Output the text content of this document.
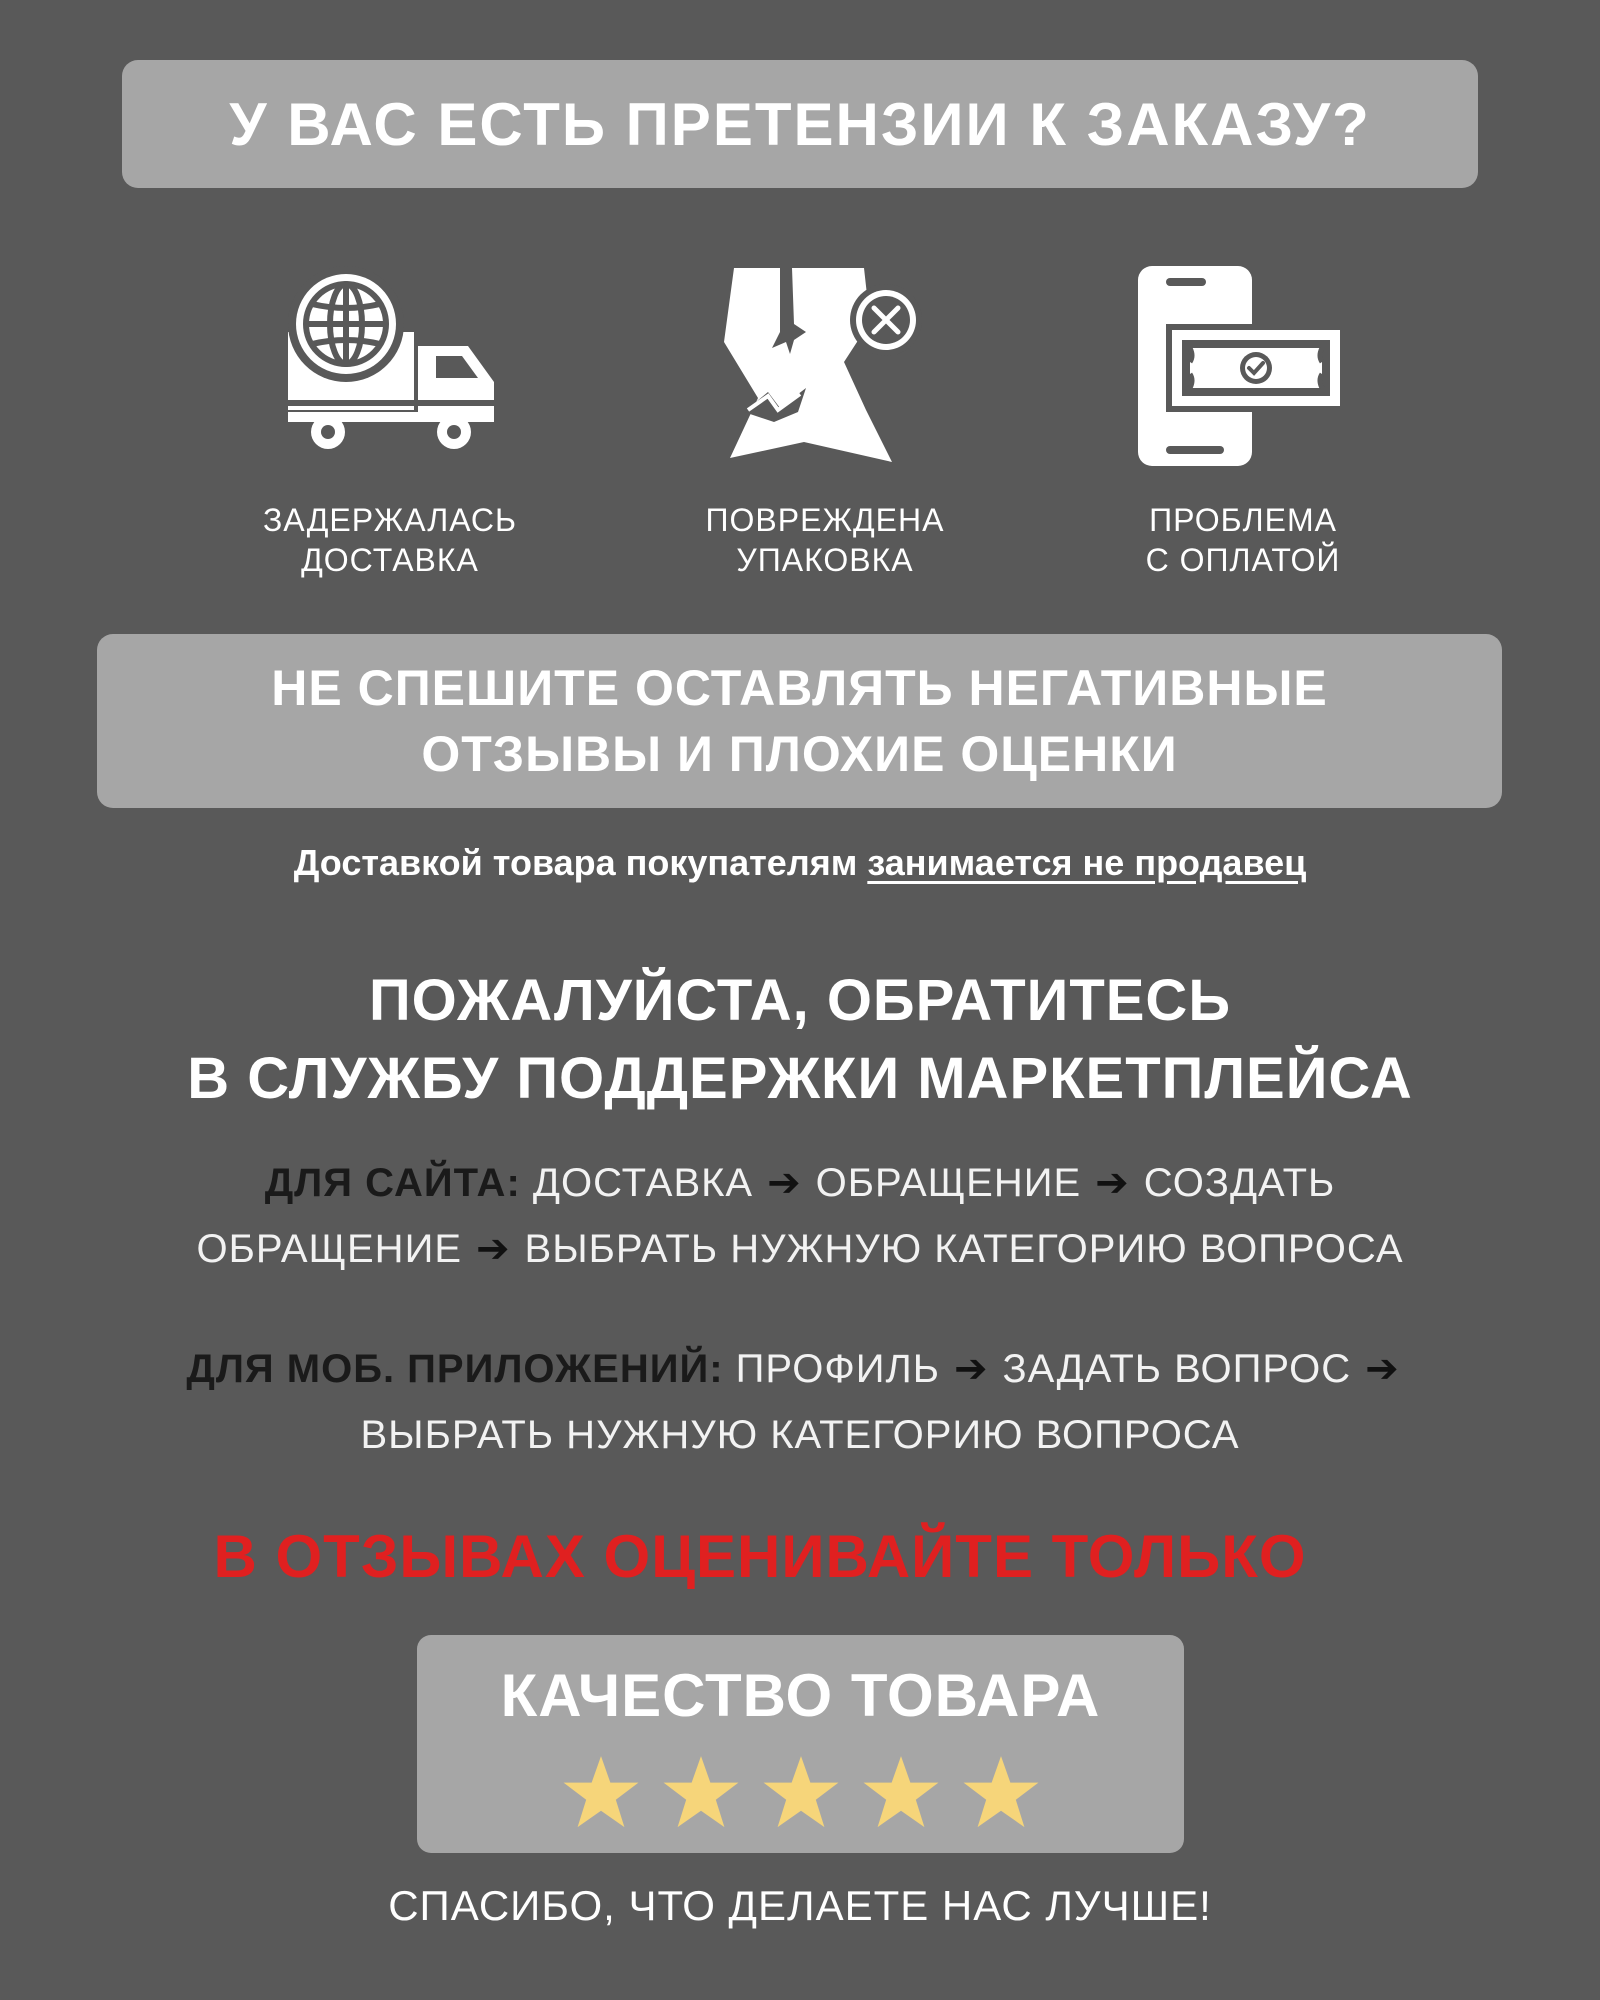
У ВАС ЕСТЬ ПРЕТЕНЗИИ К ЗАКАЗУ?
ЗАДЕРЖАЛАСЬ
ДОСТАВКА
ПОВРЕЖДЕНА
УПАКОВКА
ПРОБЛЕМА
С ОПЛАТОЙ
НЕ СПЕШИТЕ ОСТАВЛЯТЬ НЕГАТИВНЫЕ
ОТЗЫВЫ И ПЛОХИЕ ОЦЕНКИ
Доставкой товара покупателям занимается не продавец
ПОЖАЛУЙСТА, ОБРАТИТЕСЬ
В СЛУЖБУ ПОДДЕРЖКИ МАРКЕТПЛЕЙСА
ДЛЯ САЙТА: ДОСТАВКА ➔ ОБРАЩЕНИЕ ➔ СОЗДАТЬ
ОБРАЩЕНИЕ ➔ ВЫБРАТЬ НУЖНУЮ КАТЕГОРИЮ ВОПРОСА
ДЛЯ МОБ. ПРИЛОЖЕНИЙ: ПРОФИЛЬ ➔ ЗАДАТЬ ВОПРОС ➔
ВЫБРАТЬ НУЖНУЮ КАТЕГОРИЮ ВОПРОСА
В ОТЗЫВАХ ОЦЕНИВАЙТЕ ТОЛЬКО
КАЧЕСТВО ТОВАРА
СПАСИБО, ЧТО ДЕЛАЕТЕ НАС ЛУЧШЕ!
